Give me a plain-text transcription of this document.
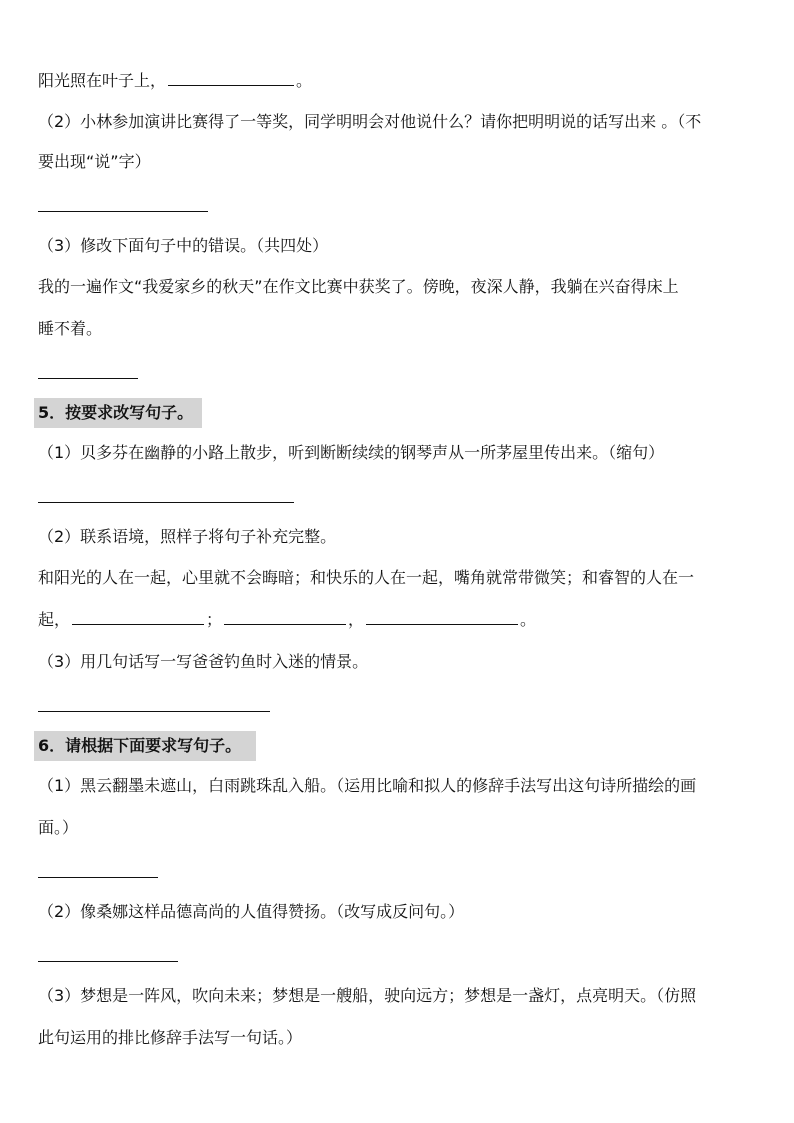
阳光照在叶子上，	。
（2）小林参加演讲比赛得了一等奖，同学明明会对他说什么？请你把明明说的话写出来 。（不
要出现“说”字）
（3）修改下面句子中的错误。（共四处）
我的一遍作文“我爱家乡的秋天”在作文比赛中获奖了。傍晚，夜深人静，我躺在兴奋得床上
睡不着。
5．按要求改写句子。
（1）贝多芬在幽静的小路上散步，听到断断续续的钢琴声从一所茅屋里传出来。（缩句）
（2）联系语境，照样子将句子补充完整。
和阳光的人在一起，心里就不会晦暗；和快乐的人在一起，嘴角就常带微笑；和睿智的人在一
起，	；	，	。
（3）用几句话写一写爸爸钓鱼时入迷的情景。
6．请根据下面要求写句子。
（1）黑云翻墨未遮山，白雨跳珠乱入船。（运用比喻和拟人的修辞手法写出这句诗所描绘的画
面。）
（2）像桑娜这样品德高尚的人值得赞扬。（改写成反问句。）
（3）梦想是一阵风，吹向未来；梦想是一艘船，驶向远方；梦想是一盏灯，点亮明天。（仿照
此句运用的排比修辞手法写一句话。）
